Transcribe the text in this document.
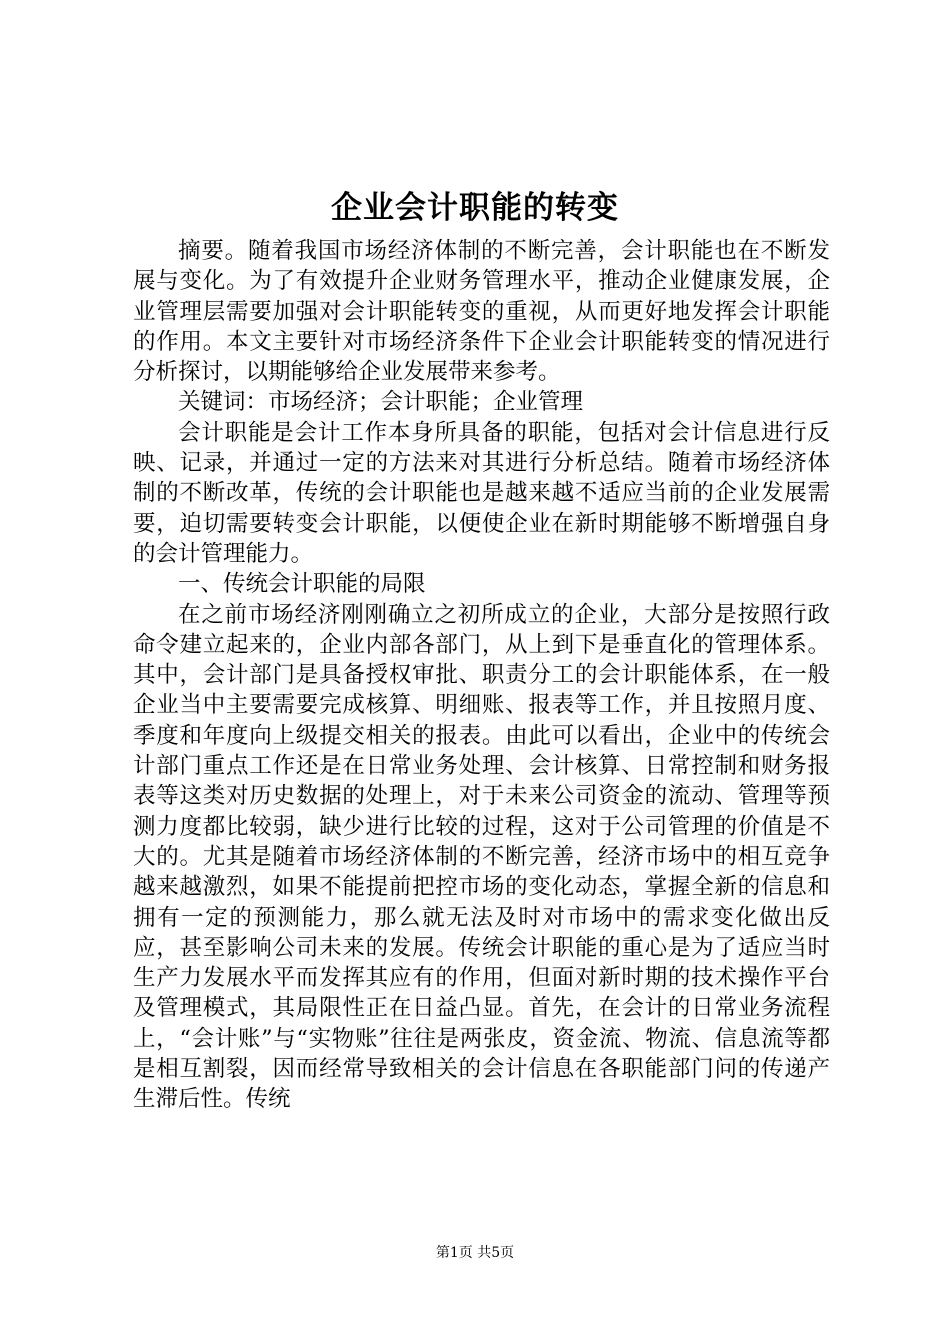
企业会计职能的转变

摘要。随着我国市场经济体制的不断完善，会计职能也在不断发展与变化。为了有效提升企业财务管理水平，推动企业健康发展，企业管理层需要加强对会计职能转变的重视，从而更好地发挥会计职能的作用。本文主要针对市场经济条件下企业会计职能转变的情况进行分析探讨，以期能够给企业发展带来参考。

关键词：市场经济；会计职能；企业管理

会计职能是会计工作本身所具备的职能，包括对会计信息进行反映、记录，并通过一定的方法来对其进行分析总结。随着市场经济体制的不断改革，传统的会计职能也是越来越不适应当前的企业发展需要，迫切需要转变会计职能，以便使企业在新时期能够不断增强自身的会计管理能力。

一、传统会计职能的局限

在之前市场经济刚刚确立之初所成立的企业，大部分是按照行政命令建立起来的，企业内部各部门，从上到下是垂直化的管理体系。其中，会计部门是具备授权审批、职责分工的会计职能体系，在一般企业当中主要需要完成核算、明细账、报表等工作，并且按照月度、季度和年度向上级提交相关的报表。由此可以看出，企业中的传统会计部门重点工作还是在日常业务处理、会计核算、日常控制和财务报表等这类对历史数据的处理上，对于未来公司资金的流动、管理等预测力度都比较弱，缺少进行比较的过程，这对于公司管理的价值是不大的。尤其是随着市场经济体制的不断完善，经济市场中的相互竞争越来越激烈，如果不能提前把控市场的变化动态，掌握全新的信息和拥有一定的预测能力，那么就无法及时对市场中的需求变化做出反应，甚至影响公司未来的发展。传统会计职能的重心是为了适应当时生产力发展水平而发挥其应有的作用，但面对新时期的技术操作平台及管理模式，其局限性正在日益凸显。首先，在会计的日常业务流程上，“会计账”与“实物账”往往是两张皮，资金流、物流、信息流等都是相互割裂，因而经常导致相关的会计信息在各职能部门问的传递产生滞后性。传统

第1页 共5页
